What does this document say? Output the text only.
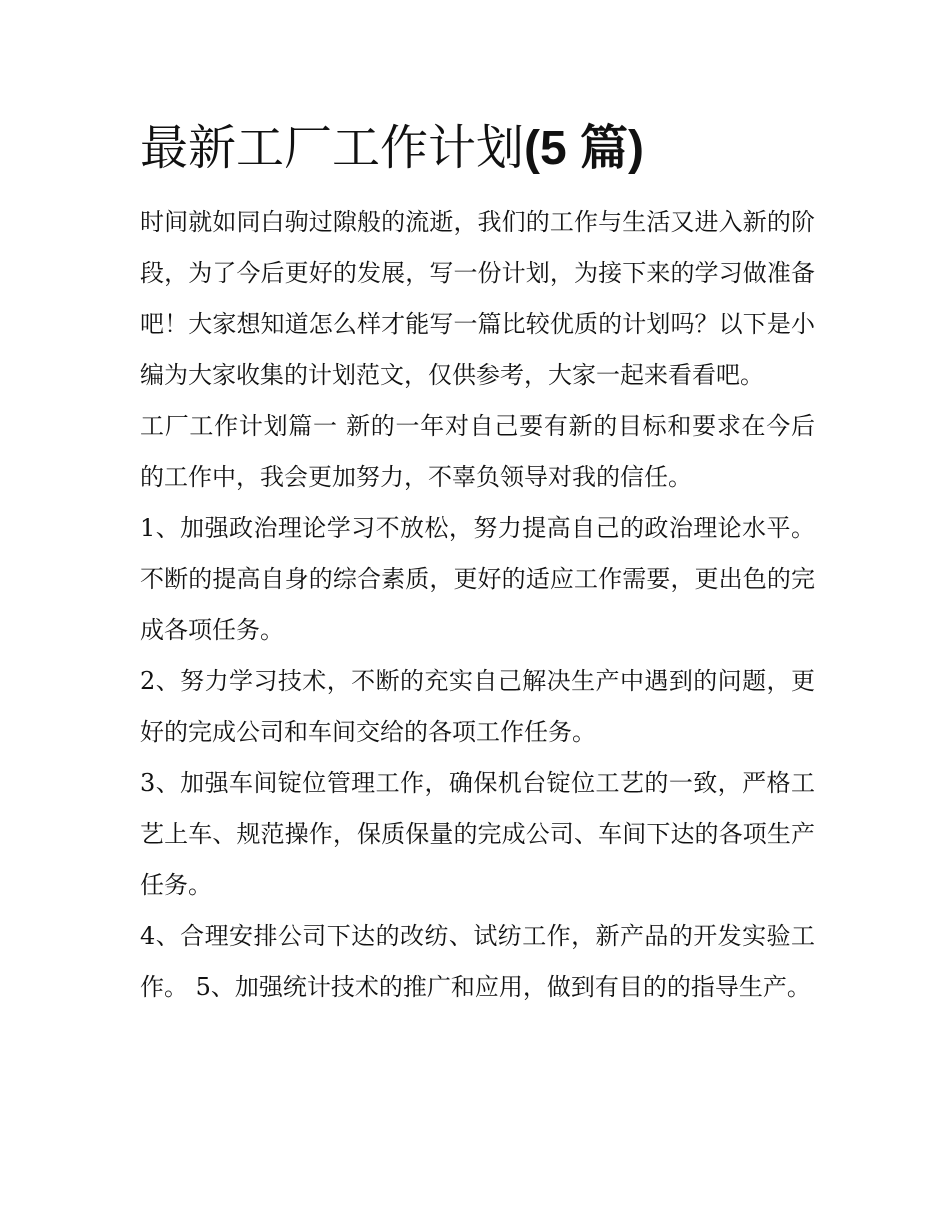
最新工厂工作计划(5 篇)

时间就如同白驹过隙般的流逝，我们的工作与生活又进入新的阶段，为了今后更好的发展，写一份计划，为接下来的学习做准备吧！大家想知道怎么样才能写一篇比较优质的计划吗？以下是小编为大家收集的计划范文，仅供参考，大家一起来看看吧。

工厂工作计划篇一 新的一年对自己要有新的目标和要求在今后的工作中，我会更加努力，不辜负领导对我的信任。

1、加强政治理论学习不放松，努力提高自己的政治理论水平。不断的提高自身的综合素质，更好的适应工作需要，更出色的完成各项任务。

2、努力学习技术，不断的充实自己解决生产中遇到的问题，更好的完成公司和车间交给的各项工作任务。

3、加强车间锭位管理工作，确保机台锭位工艺的一致，严格工艺上车、规范操作，保质保量的完成公司、车间下达的各项生产任务。

4、合理安排公司下达的改纺、试纺工作，新产品的开发实验工作。 5、加强统计技术的推广和应用，做到有目的的指导生产。
